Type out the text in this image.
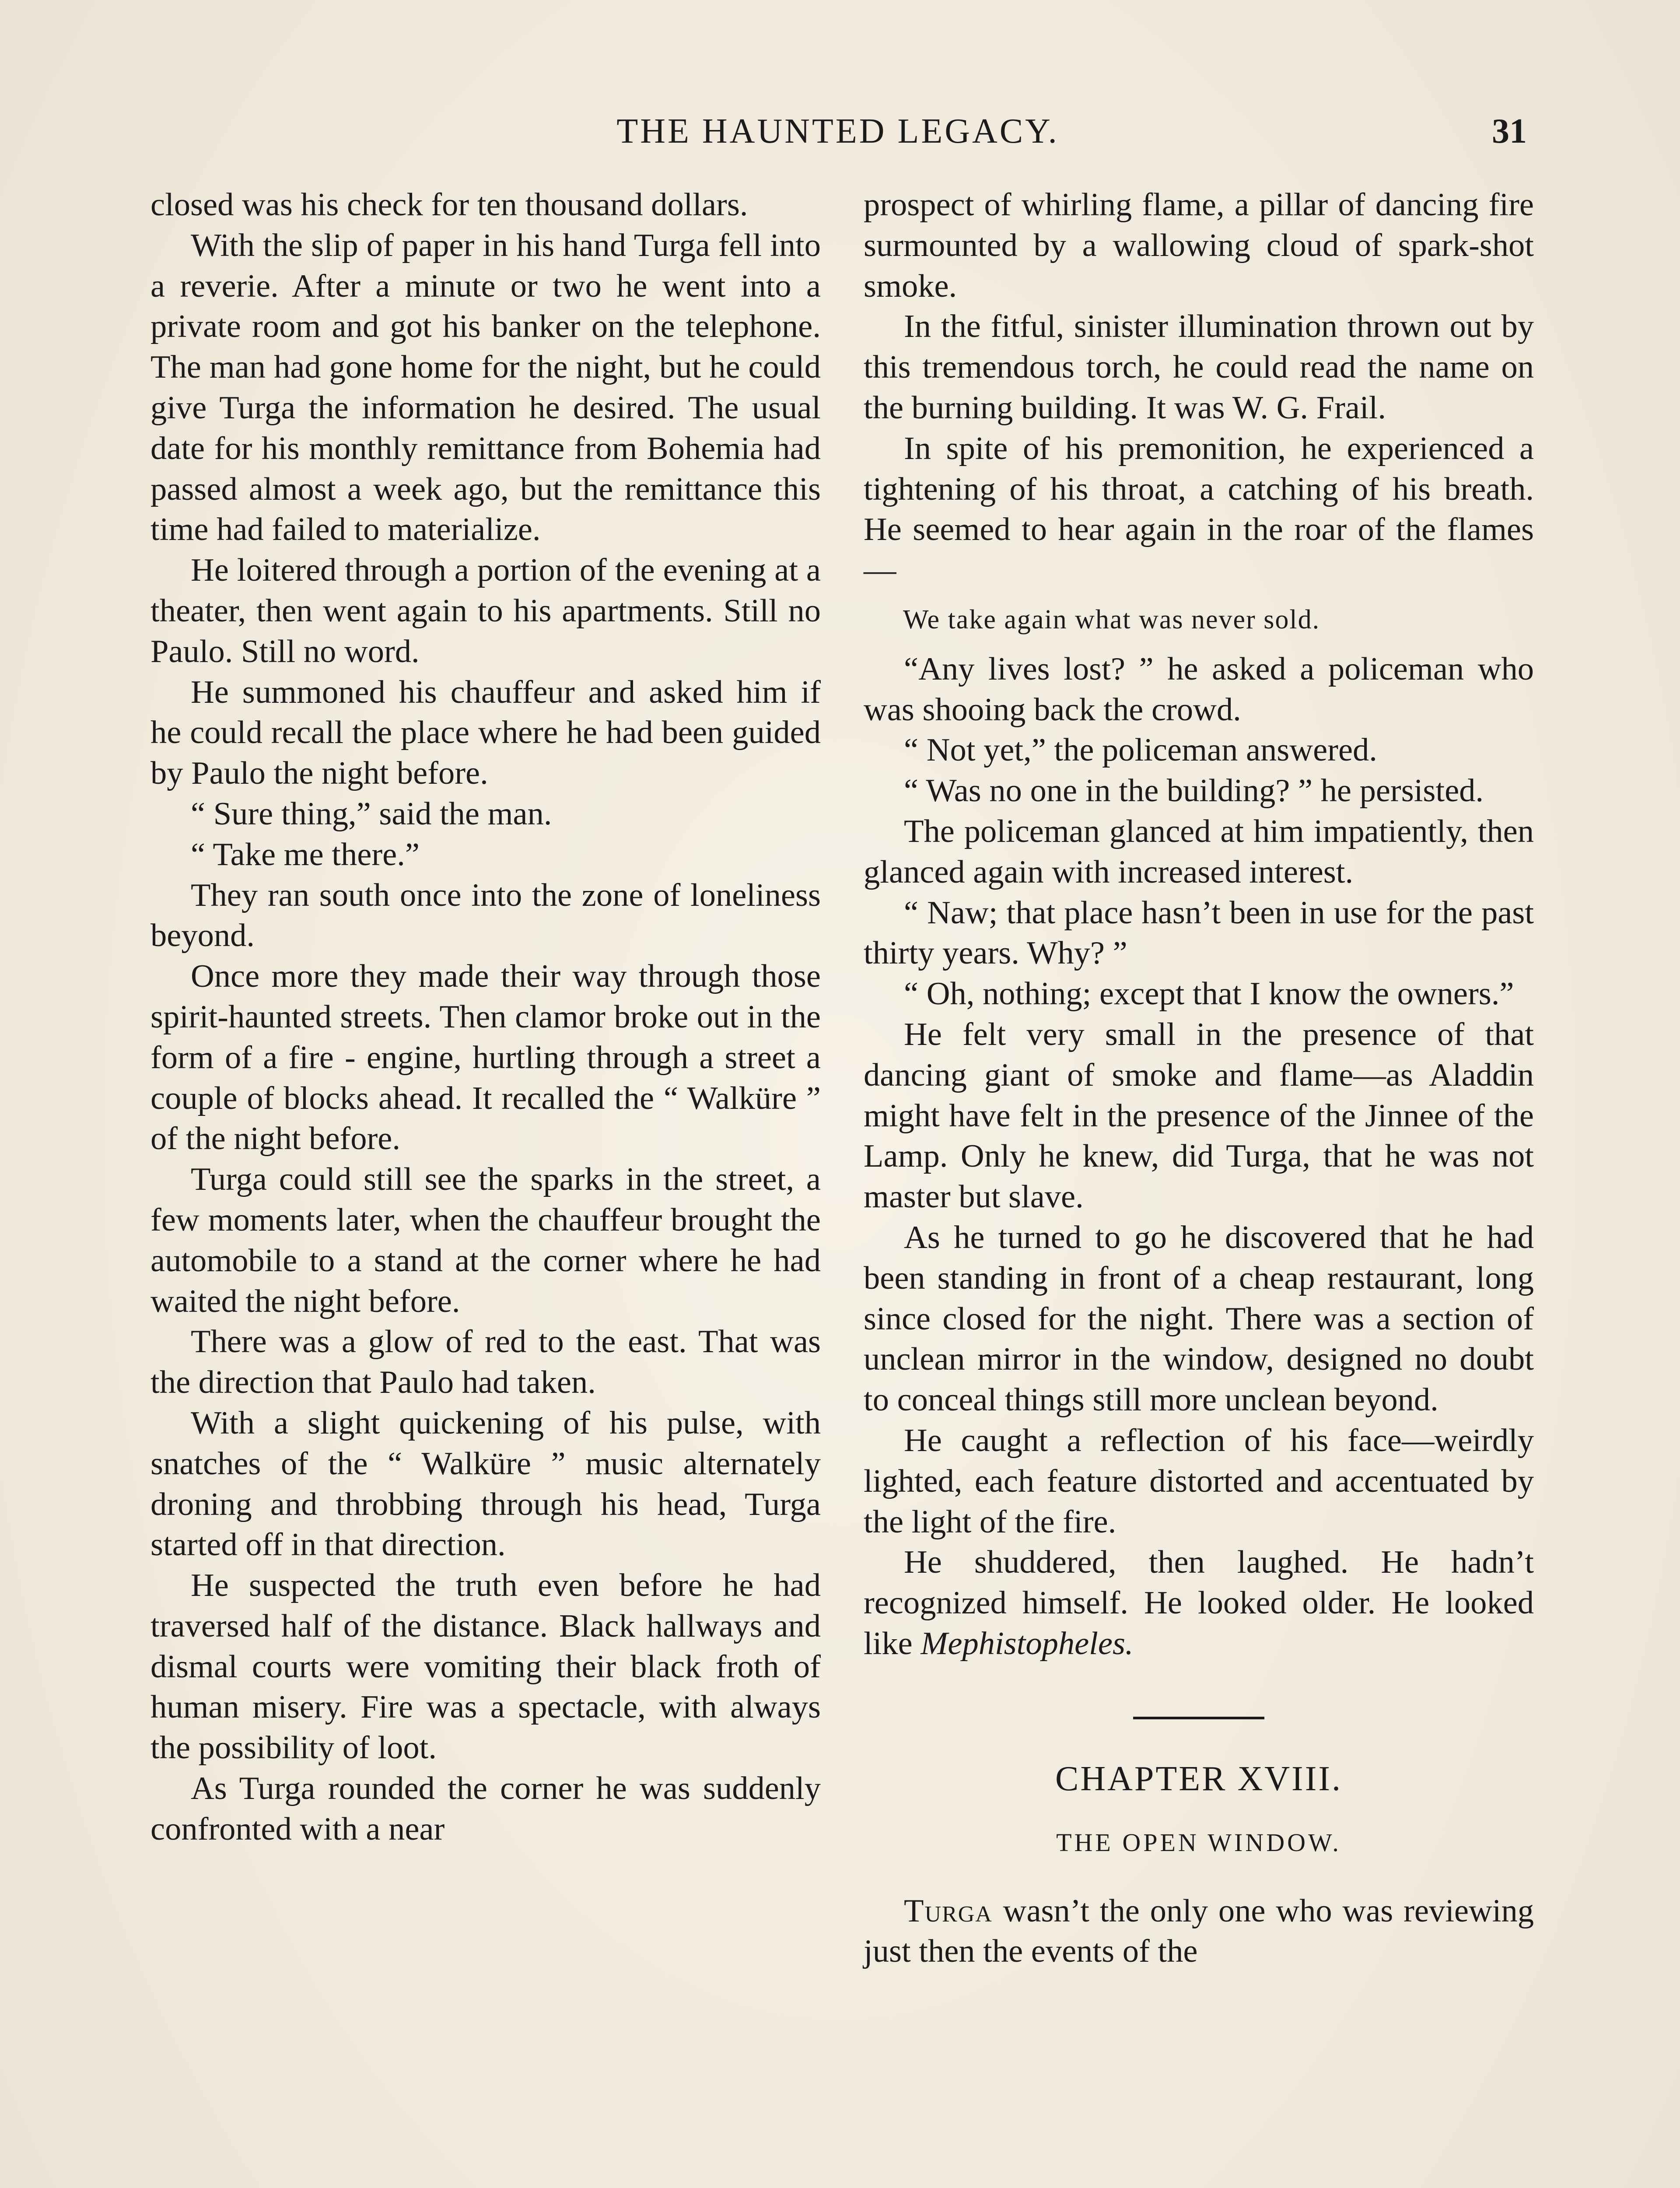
THE HAUNTED LEGACY.	31

closed was his check for ten thousand dollars.

With the slip of paper in his hand Turga fell into a reverie. After a minute or two he went into a private room and got his banker on the telephone. The man had gone home for the night, but he could give Turga the information he desired. The usual date for his monthly remittance from Bohemia had passed almost a week ago, but the remittance this time had failed to materialize.

He loitered through a portion of the evening at a theater, then went again to his apartments. Still no Paulo. Still no word.

He summoned his chauffeur and asked him if he could recall the place where he had been guided by Paulo the night before.

“ Sure thing,” said the man.

“ Take me there.”

They ran south once into the zone of loneliness beyond.

Once more they made their way through those spirit-haunted streets. Then clamor broke out in the form of a fire - engine, hurtling through a street a couple of blocks ahead. It recalled the “ Walküre ” of the night before.

Turga could still see the sparks in the street, a few moments later, when the chauffeur brought the automobile to a stand at the corner where he had waited the night before.

There was a glow of red to the east. That was the direction that Paulo had taken.

With a slight quickening of his pulse, with snatches of the “ Walküre ” music alternately droning and throbbing through his head, Turga started off in that direction.

He suspected the truth even before he had traversed half of the distance. Black hallways and dismal courts were vomiting their black froth of human misery. Fire was a spectacle, with always the possibility of loot.

As Turga rounded the corner he was suddenly confronted with a near

prospect of whirling flame, a pillar of dancing fire surmounted by a wallowing cloud of spark-shot smoke.

In the fitful, sinister illumination thrown out by this tremendous torch, he could read the name on the burning building. It was W. G. Frail.

In spite of his premonition, he experienced a tightening of his throat, a catching of his breath. He seemed to hear again in the roar of the flames—

We take again what was never sold.

“Any lives lost? ” he asked a policeman who was shooing back the crowd.

“ Not yet,” the policeman answered.

“ Was no one in the building? ” he persisted.

The policeman glanced at him impatiently, then glanced again with increased interest.

“ Naw; that place hasn’t been in use for the past thirty years. Why? ”

“ Oh, nothing; except that I know the owners.”

He felt very small in the presence of that dancing giant of smoke and flame—as Aladdin might have felt in the presence of the Jinnee of the Lamp. Only he knew, did Turga, that he was not master but slave.

As he turned to go he discovered that he had been standing in front of a cheap restaurant, long since closed for the night. There was a section of unclean mirror in the window, designed no doubt to conceal things still more unclean beyond.

He caught a reflection of his face—weirdly lighted, each feature distorted and accentuated by the light of the fire.

He shuddered, then laughed. He hadn’t recognized himself. He looked older. He looked like Mephistopheles.

CHAPTER XVIII.
THE OPEN WINDOW.

Turga wasn’t the only one who was reviewing just then the events of the
